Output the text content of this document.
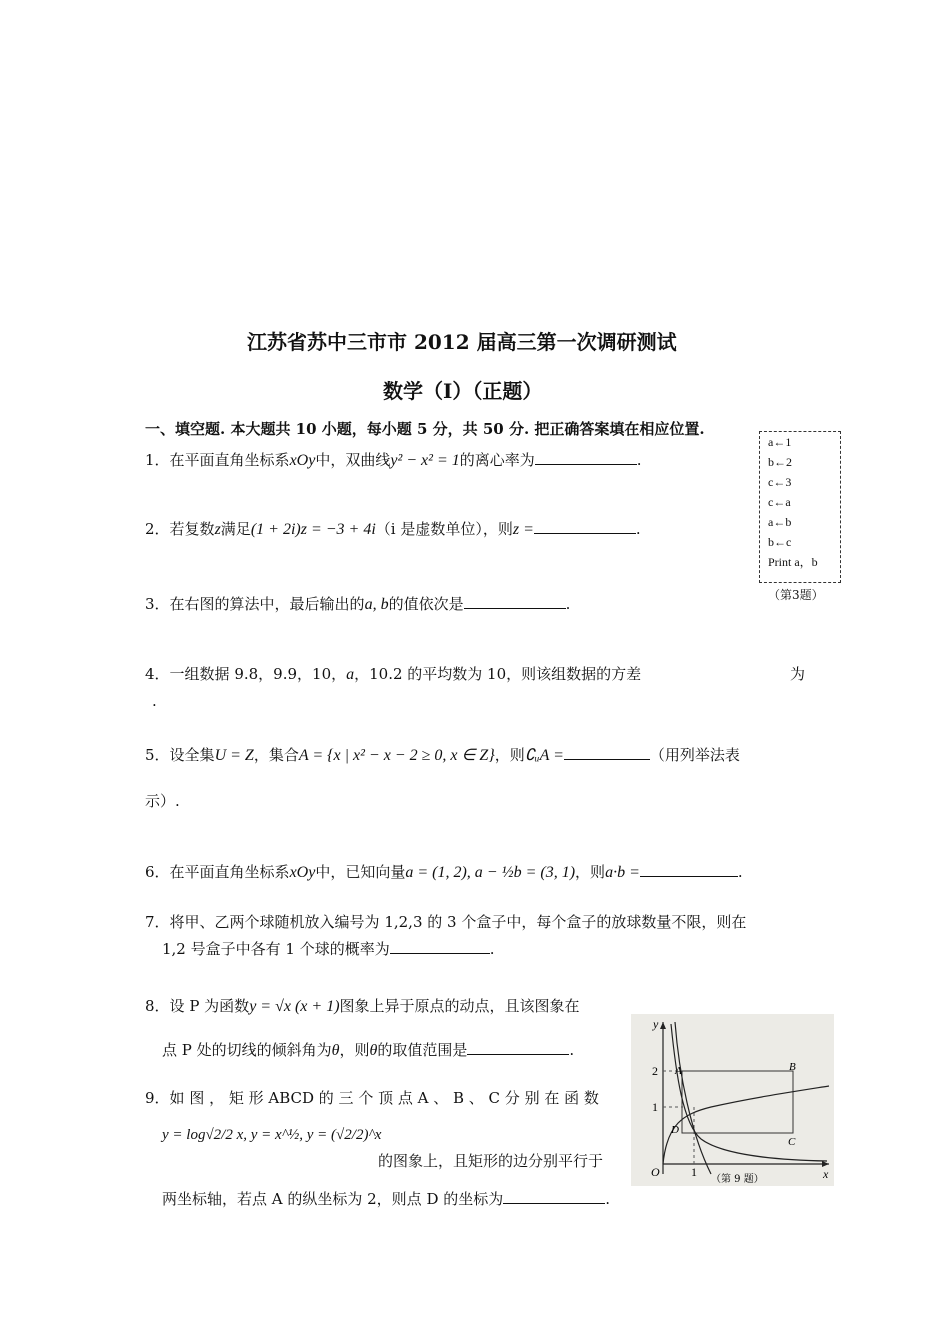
江苏省苏中三市市 2012 届高三第一次调研测试
数学（I）（正题）
一、填空题. 本大题共 10 小题，每小题 5 分，共 50 分. 把正确答案填在相应位置.
a←1
b←2
c←3
c←a
a←b
b←c
Print a，b
（第3题）
1．在平面直角坐标系xOy中，双曲线y² − x² = 1的离心率为	.
2．若复数z满足(1 + 2i)z = −3 + 4i（i 是虚数单位），则z =	.
3．在右图的算法中，最后输出的a, b的值依次是	.
4．一组数据 9.8，9.9，10，a，10.2 的平均数为 10，则该组数据的方差	为
.
5．设全集U = Z，集合A = {x | x² − x − 2 ≥ 0, x ∈ Z}，则∁ᵤA =	（用列举法表
示）.
6．在平面直角坐标系xOy中，已知向量a = (1, 2), a − ½b = (3, 1)，则a·b =	.
7．将甲、乙两个球随机放入编号为 1,2,3 的 3 个盒子中，每个盒子的放球数量不限，则在
1,2 号盒子中各有 1 个球的概率为	.
8．设 P 为函数y = √x (x + 1)图象上异于原点的动点，且该图象在
点 P 处的切线的倾斜角为θ，则θ的取值范围是	.
9．如 图 ， 矩 形 ABCD 的 三 个 顶 点 A 、 B 、 C 分 别 在 函 数
y = log√2/2 x, y = x^½, y = (√2/2)^x
的图象上，且矩形的边分别平行于
两坐标轴，若点 A 的纵坐标为 2，则点 D 的坐标为	.
y
x
O
2
1
1
A	B
C
D
（第 9 题）
